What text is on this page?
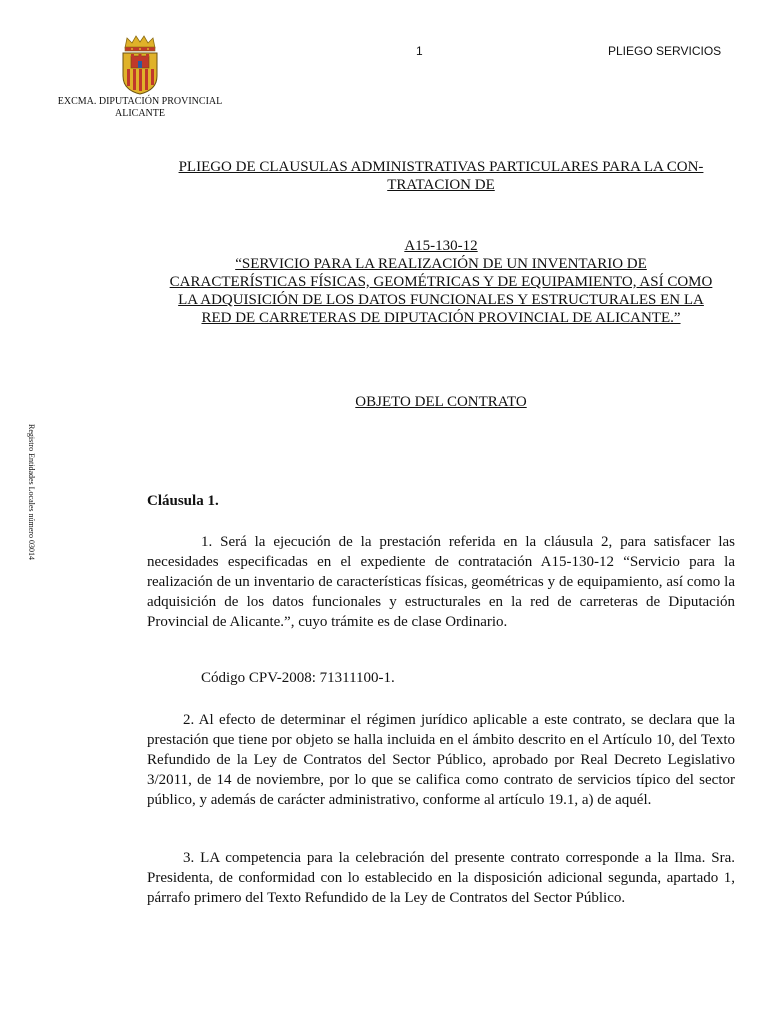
EXCMA. DIPUTACIÓN PROVINCIAL
ALICANTE
1	PLIEGO SERVICIOS
Registro Entidades Locales número 03014
PLIEGO DE CLAUSULAS ADMINISTRATIVAS PARTICULARES PARA LA CON-
TRATACION DE
A15-130-12
“SERVICIO PARA LA REALIZACIÓN DE UN INVENTARIO DE
CARACTERÍSTICAS FÍSICAS, GEOMÉTRICAS Y DE EQUIPAMIENTO, ASÍ COMO
LA ADQUISICIÓN DE LOS DATOS FUNCIONALES Y ESTRUCTURALES EN LA
RED DE CARRETERAS DE DIPUTACIÓN PROVINCIAL DE ALICANTE.”
OBJETO DEL CONTRATO
Cláusula 1.
1. Será la ejecución de la prestación referida en la cláusula 2, para satisfacer las necesidades especificadas en el expediente de contratación A15-130-12 “Servicio para la realización de un inventario de características físicas, geométricas y de equipamiento, así como la adquisición de los datos funcionales y estructurales en la red de carreteras de Diputación Provincial de Alicante.”, cuyo trámite es de clase Ordinario.
Código CPV-2008: 71311100-1.
2. Al efecto de determinar el régimen jurídico aplicable a este contrato, se declara que la prestación que tiene por objeto se halla incluida en el ámbito descrito en el Artículo 10, del Texto Refundido de la Ley de Contratos del Sector Público, aprobado por Real Decreto Legislativo 3/2011, de 14 de noviembre, por lo que se califica como contrato de servicios típico del sector público, y además de carácter administrativo, conforme al artículo 19.1, a) de aquél.
3. LA competencia para la celebración del presente contrato corresponde a la Ilma. Sra. Presidenta, de conformidad con lo establecido en la disposición adicional segunda, apartado 1, párrafo primero del Texto Refundido de la Ley de Contratos del Sector Público.
